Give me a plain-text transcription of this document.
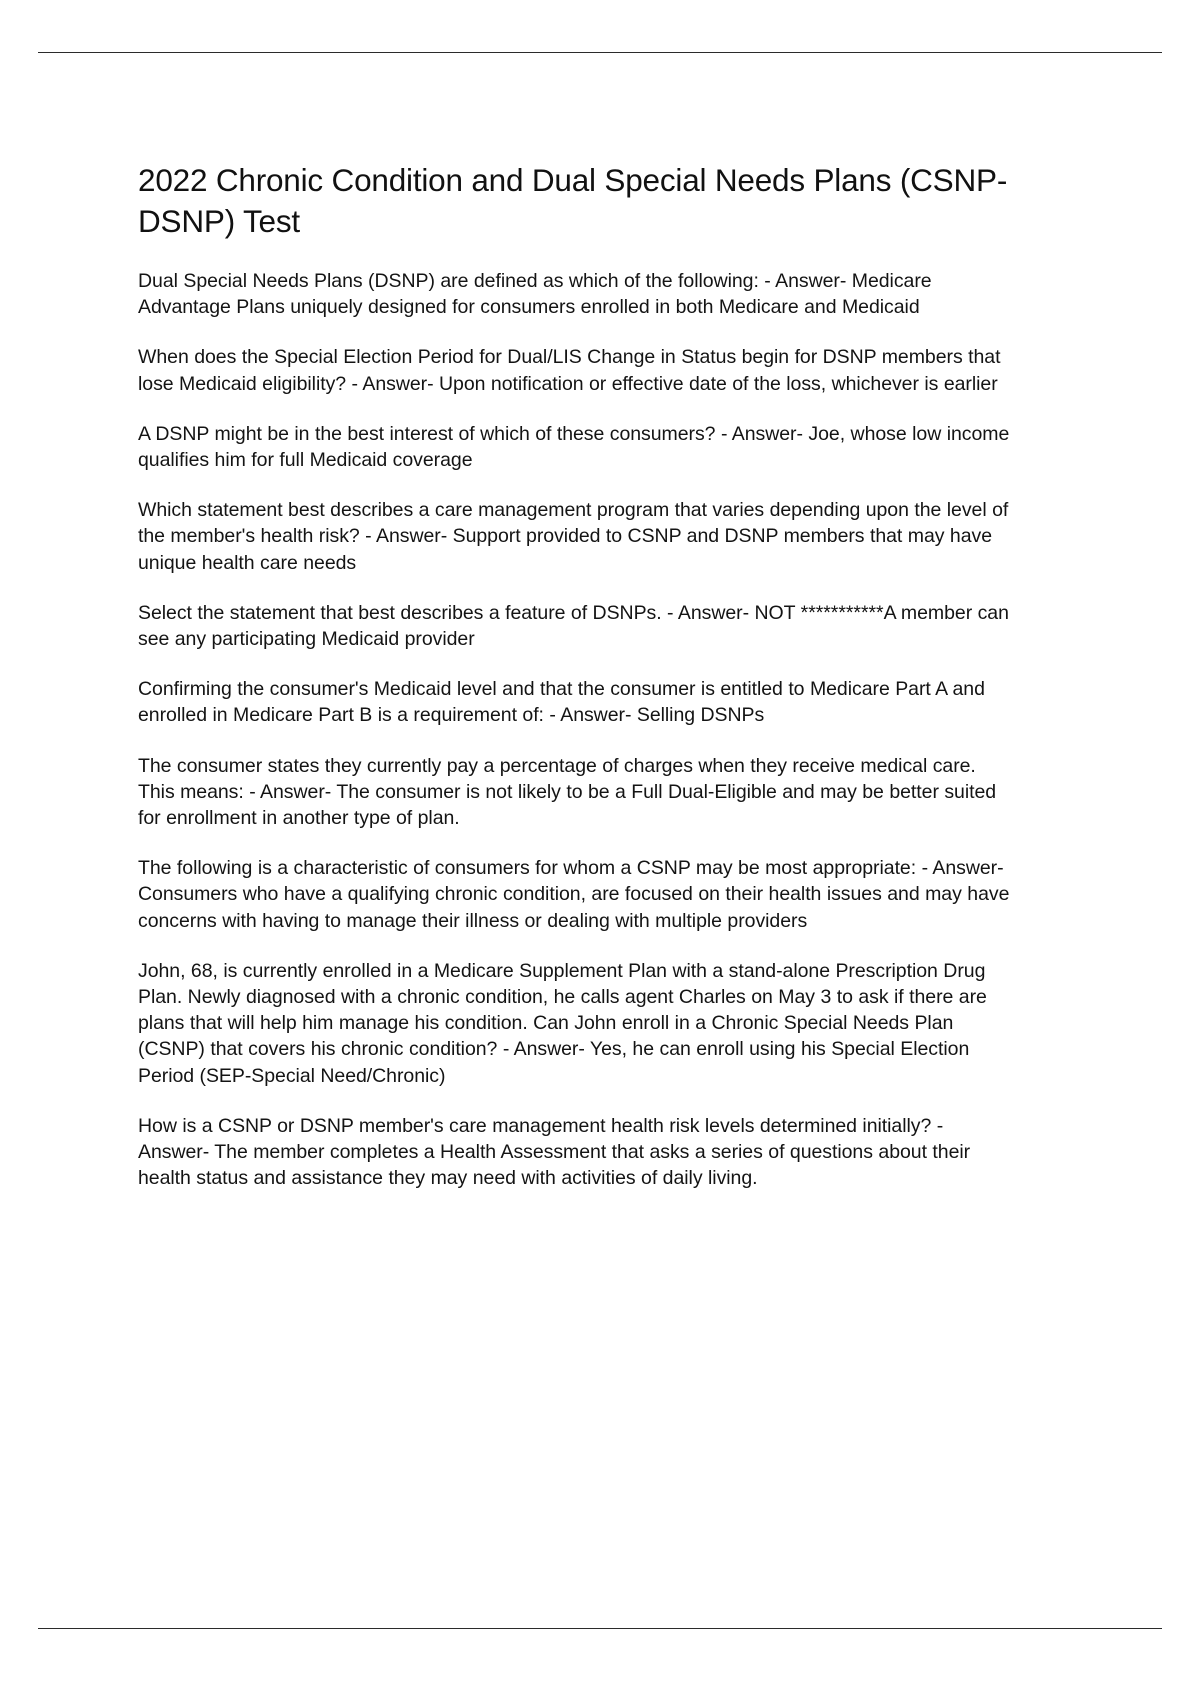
2022 Chronic Condition and Dual Special Needs Plans (CSNP-DSNP) Test

Dual Special Needs Plans (DSNP) are defined as which of the following: - Answer- Medicare Advantage Plans uniquely designed for consumers enrolled in both Medicare and Medicaid

When does the Special Election Period for Dual/LIS Change in Status begin for DSNP members that lose Medicaid eligibility? - Answer- Upon notification or effective date of the loss, whichever is earlier

A DSNP might be in the best interest of which of these consumers? - Answer- Joe, whose low income qualifies him for full Medicaid coverage

Which statement best describes a care management program that varies depending upon the level of the member's health risk? - Answer- Support provided to CSNP and DSNP members that may have unique health care needs

Select the statement that best describes a feature of DSNPs. - Answer- NOT ***********A member can see any participating Medicaid provider

Confirming the consumer's Medicaid level and that the consumer is entitled to Medicare Part A and enrolled in Medicare Part B is a requirement of: - Answer- Selling DSNPs

The consumer states they currently pay a percentage of charges when they receive medical care. This means: - Answer- The consumer is not likely to be a Full Dual-Eligible and may be better suited for enrollment in another type of plan.

The following is a characteristic of consumers for whom a CSNP may be most appropriate: - Answer- Consumers who have a qualifying chronic condition, are focused on their health issues and may have concerns with having to manage their illness or dealing with multiple providers

John, 68, is currently enrolled in a Medicare Supplement Plan with a stand-alone Prescription Drug Plan. Newly diagnosed with a chronic condition, he calls agent Charles on May 3 to ask if there are plans that will help him manage his condition. Can John enroll in a Chronic Special Needs Plan (CSNP) that covers his chronic condition? - Answer- Yes, he can enroll using his Special Election Period (SEP-Special Need/Chronic)

How is a CSNP or DSNP member's care management health risk levels determined initially? - Answer- The member completes a Health Assessment that asks a series of questions about their health status and assistance they may need with activities of daily living.
